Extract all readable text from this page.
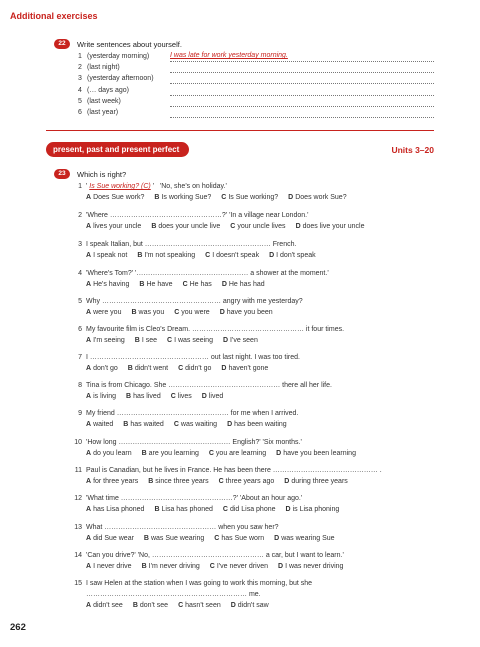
Additional exercises
22	Write sentences about yourself.
1 (yesterday morning)	I was late for work yesterday morning.
2 (last night)
3 (yesterday afternoon)
4 (… days ago)
5 (last week)
6 (last year)
present, past and present perfect	Units 3–20
23	Which is right?
1 ' Is Sue working? (C) '   'No, she's on holiday.'
A Does Sue work? B Is working Sue? C Is Sue working? D Does work Sue?
2 'Where …………………………………………?' 'In a village near London.'
A lives your uncle B does your uncle live C your uncle lives D does live your uncle
3 I speak Italian, but ……………………………………………… French.
A I speak not B I'm not speaking C I doesn't speak D I don't speak
4 'Where's Tom?' '………………………………………… a shower at the moment.'
A He's having B He have C He has D He has had
5 Why …………………………………………… angry with me yesterday?
A were you B was you C you were D have you been
6 My favourite film is Cleo's Dream. ………………………………………… it four times.
A I'm seeing B I see C I was seeing D I've seen
7 I …………………………………………… out last night. I was too tired.
A don't go B didn't went C didn't go D haven't gone
8 Tina is from Chicago. She ………………………………………… there all her life.
A is living B has lived C lives D lived
9 My friend ………………………………………… for me when I arrived.
A waited B has waited C was waiting D has been waiting
10 'How long ………………………………………… English?' 'Six months.'
A do you learn B are you learning C you are learning D have you been learning
11 Paul is Canadian, but he lives in France. He has been there ……………………………………… .
A for three years B since three years C three years ago D during three years
12 'What time …………………………………………?' 'About an hour ago.'
A has Lisa phoned B Lisa has phoned C did Lisa phone D is Lisa phoning
13 What ………………………………………… when you saw her?
A did Sue wear B was Sue wearing C has Sue worn D was wearing Sue
14 'Can you drive?' 'No, ………………………………………… a car, but I want to learn.'
A I never drive B I'm never driving C I've never driven D I was never driving
15 I saw Helen at the station when I was going to work this morning, but she
…………………………………………………………… me.
A didn't see B don't see C hasn't seen D didn't saw
262
